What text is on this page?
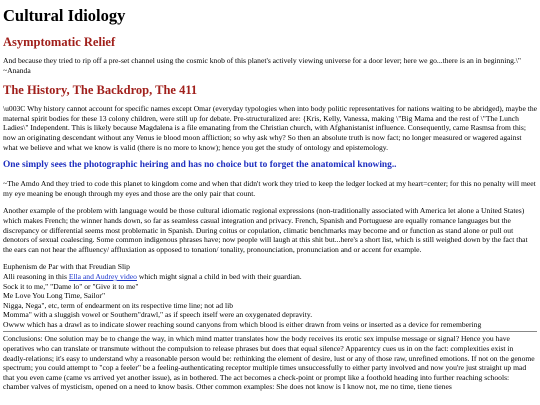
Cultural Idiology
Asymptomatic Relief

And because they tried to rip off a pre-set channel using the cosmic knob of this planet's actively viewing universe for a door lever; here we go...there is an in beginning.\"

~Ananda

The History, The Backdrop, The 411

\u003C Why history cannot account for specific names except Omar (everyday typologies when into body politic representatives for nations waiting to be abridged), maybe the maternal spirit bodies for these 13 colony children, were still up for debate. Pre-structuralized are: {Kris, Kelly, Vanessa, making \"Big Mama and the rest of \"The Lunch Ladies\" Independent. This is likely because Magdalena is a file emanating from the Christian church, with Afghanistanist influence. Consequently, came Rasmsa from this; now an originating descendant without any Venus ie blood moon affliction; so why ask why? So then an absolute truth is now fact; no longer measured or wagered against what we believe and what we know is valid (there is no more to know); hence you get the study of ontology and epistemology.

One simply sees the photographic heiring and has no choice but to forget the anatomical knowing..

~The Amdo And they tried to code this planet to kingdom come and when that didn't work they tried to keep the ledger locked at my heart=center; for this no penalty will meet my eye meaning be enough through my eyes and those are the only pair that count.

Another example of the problem with language would be those cultural idiomatic regional expressions (non-traditionally associated with America let alone a United States) which makes French; the winner hands down, so far as seamless casual integration and privacy. French, Spanish and Portuguese are equally romance languages but the discrepancy or differential seems most problematic in Spanish. During coitus or copulation, climatic benchmarks may become and or function as stand alone or pull out denotors of sexual coalescing. Some common indigenous phrases have; now people will laugh at this shit but...here's a short list, which is still weighed down by the fact that the ears can not hear the affluency/ affluxiation as opposed to tonation/ tonality, pronounciation, pronunciation and or accent for example.

Euphenism de Par with that Freudian Slip

Alli reasoning in this Ella and Audrey video which might signal a child in bed with their guardian.

Sock it to me," "Dame lo" or "Give it to me"

Me Love You Long Time, Sailor"

Nigga, Nega", etc, term of endearment on its respective time line; not ad lib

Momma" with a sluggish vowel or Southern"drawl," as if speech itself were an oxygenated depravity.

Owww which has a drawl as to indicate slower reaching sound canyons from which blood is either drawn from veins or inserted as a device for remembering

Conclusions: One solution may be to change the way, in which mind matter translates how the body receives its erotic sex impulse message or signal? Hence you have operatives who can translate or transmute without the compulsion to release phrases but does that equal silence? Apparentcy cues us in on the fact: complexities exist in deadly-relations; it's easy to understand why a reasonable person would be: rethinking the element of desire, lust or any of those raw, unrefined emotions. If not on the genome spectrum; you could attempt to "cop a feeler" be a feeling-authenticating receptor multiple times unsuccessfully to either party involved and now you're just straight up mad that you even came (came vs arrived yet another issue), as in bothered. The act becomes a check-point or prompt like a foothold heading into further reaching schools: chamber valves of mysticism, opened on a need to know basis. Other common examples: She does not know is I know not, me no time, tiene tienes
